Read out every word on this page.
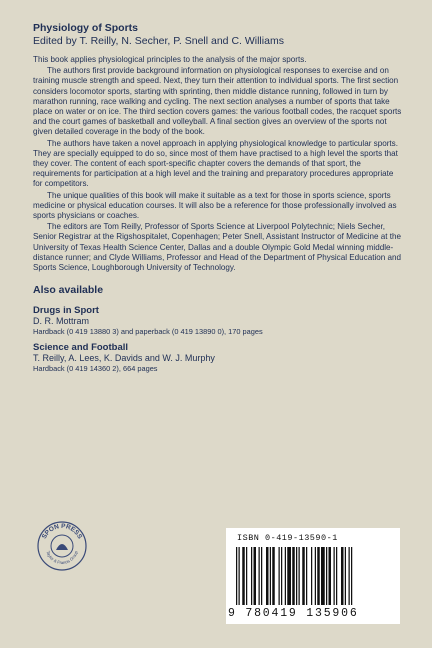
Physiology of Sports
Edited by T. Reilly, N. Secher, P. Snell and C. Williams

This book applies physiological principles to the analysis of the major sports.

The authors first provide background information on physiological responses to exercise and on training muscle strength and speed. Next, they turn their attention to individual sports. The first section considers locomotor sports, starting with sprinting, then middle distance running, followed in turn by marathon running, race walking and cycling. The next section analyses a number of sports that take place on water or on ice. The third section covers games: the various football codes, the racquet sports and the court games of basketball and volleyball. A final section gives an overview of the sports not given detailed coverage in the body of the book.

The authors have taken a novel approach in applying physiological knowledge to particular sports. They are specially equipped to do so, since most of them have practised to a high level the sports that they cover. The content of each sport-specific chapter covers the demands of that sport, the requirements for participation at a high level and the training and preparatory procedures appropriate for competitors.

The unique qualities of this book will make it suitable as a text for those in sports science, sports medicine or physical education courses. It will also be a reference for those professionally involved as sports physicians or coaches.

The editors are Tom Reilly, Professor of Sports Science at Liverpool Polytechnic; Niels Secher, Senior Registrar at the Rigshospitalet, Copenhagen; Peter Snell, Assistant Instructor of Medicine at the University of Texas Health Science Center, Dallas and a double Olympic Gold Medal winning middle-distance runner; and Clyde Williams, Professor and Head of the Department of Physical Education and Sports Science, Loughborough University of Technology.

Also available
Drugs in Sport
D. R. Mottram
Hardback (0 419 13880 3) and paperback (0 419 13890 0), 170 pages
Science and Football
T. Reilly, A. Lees, K. Davids and W. J. Murphy
Hardback (0 419 14360 2), 664 pages
SPON PRESS
Taylor & Francis Group
ISBN 0-419-13590-1
9 780419 135906
